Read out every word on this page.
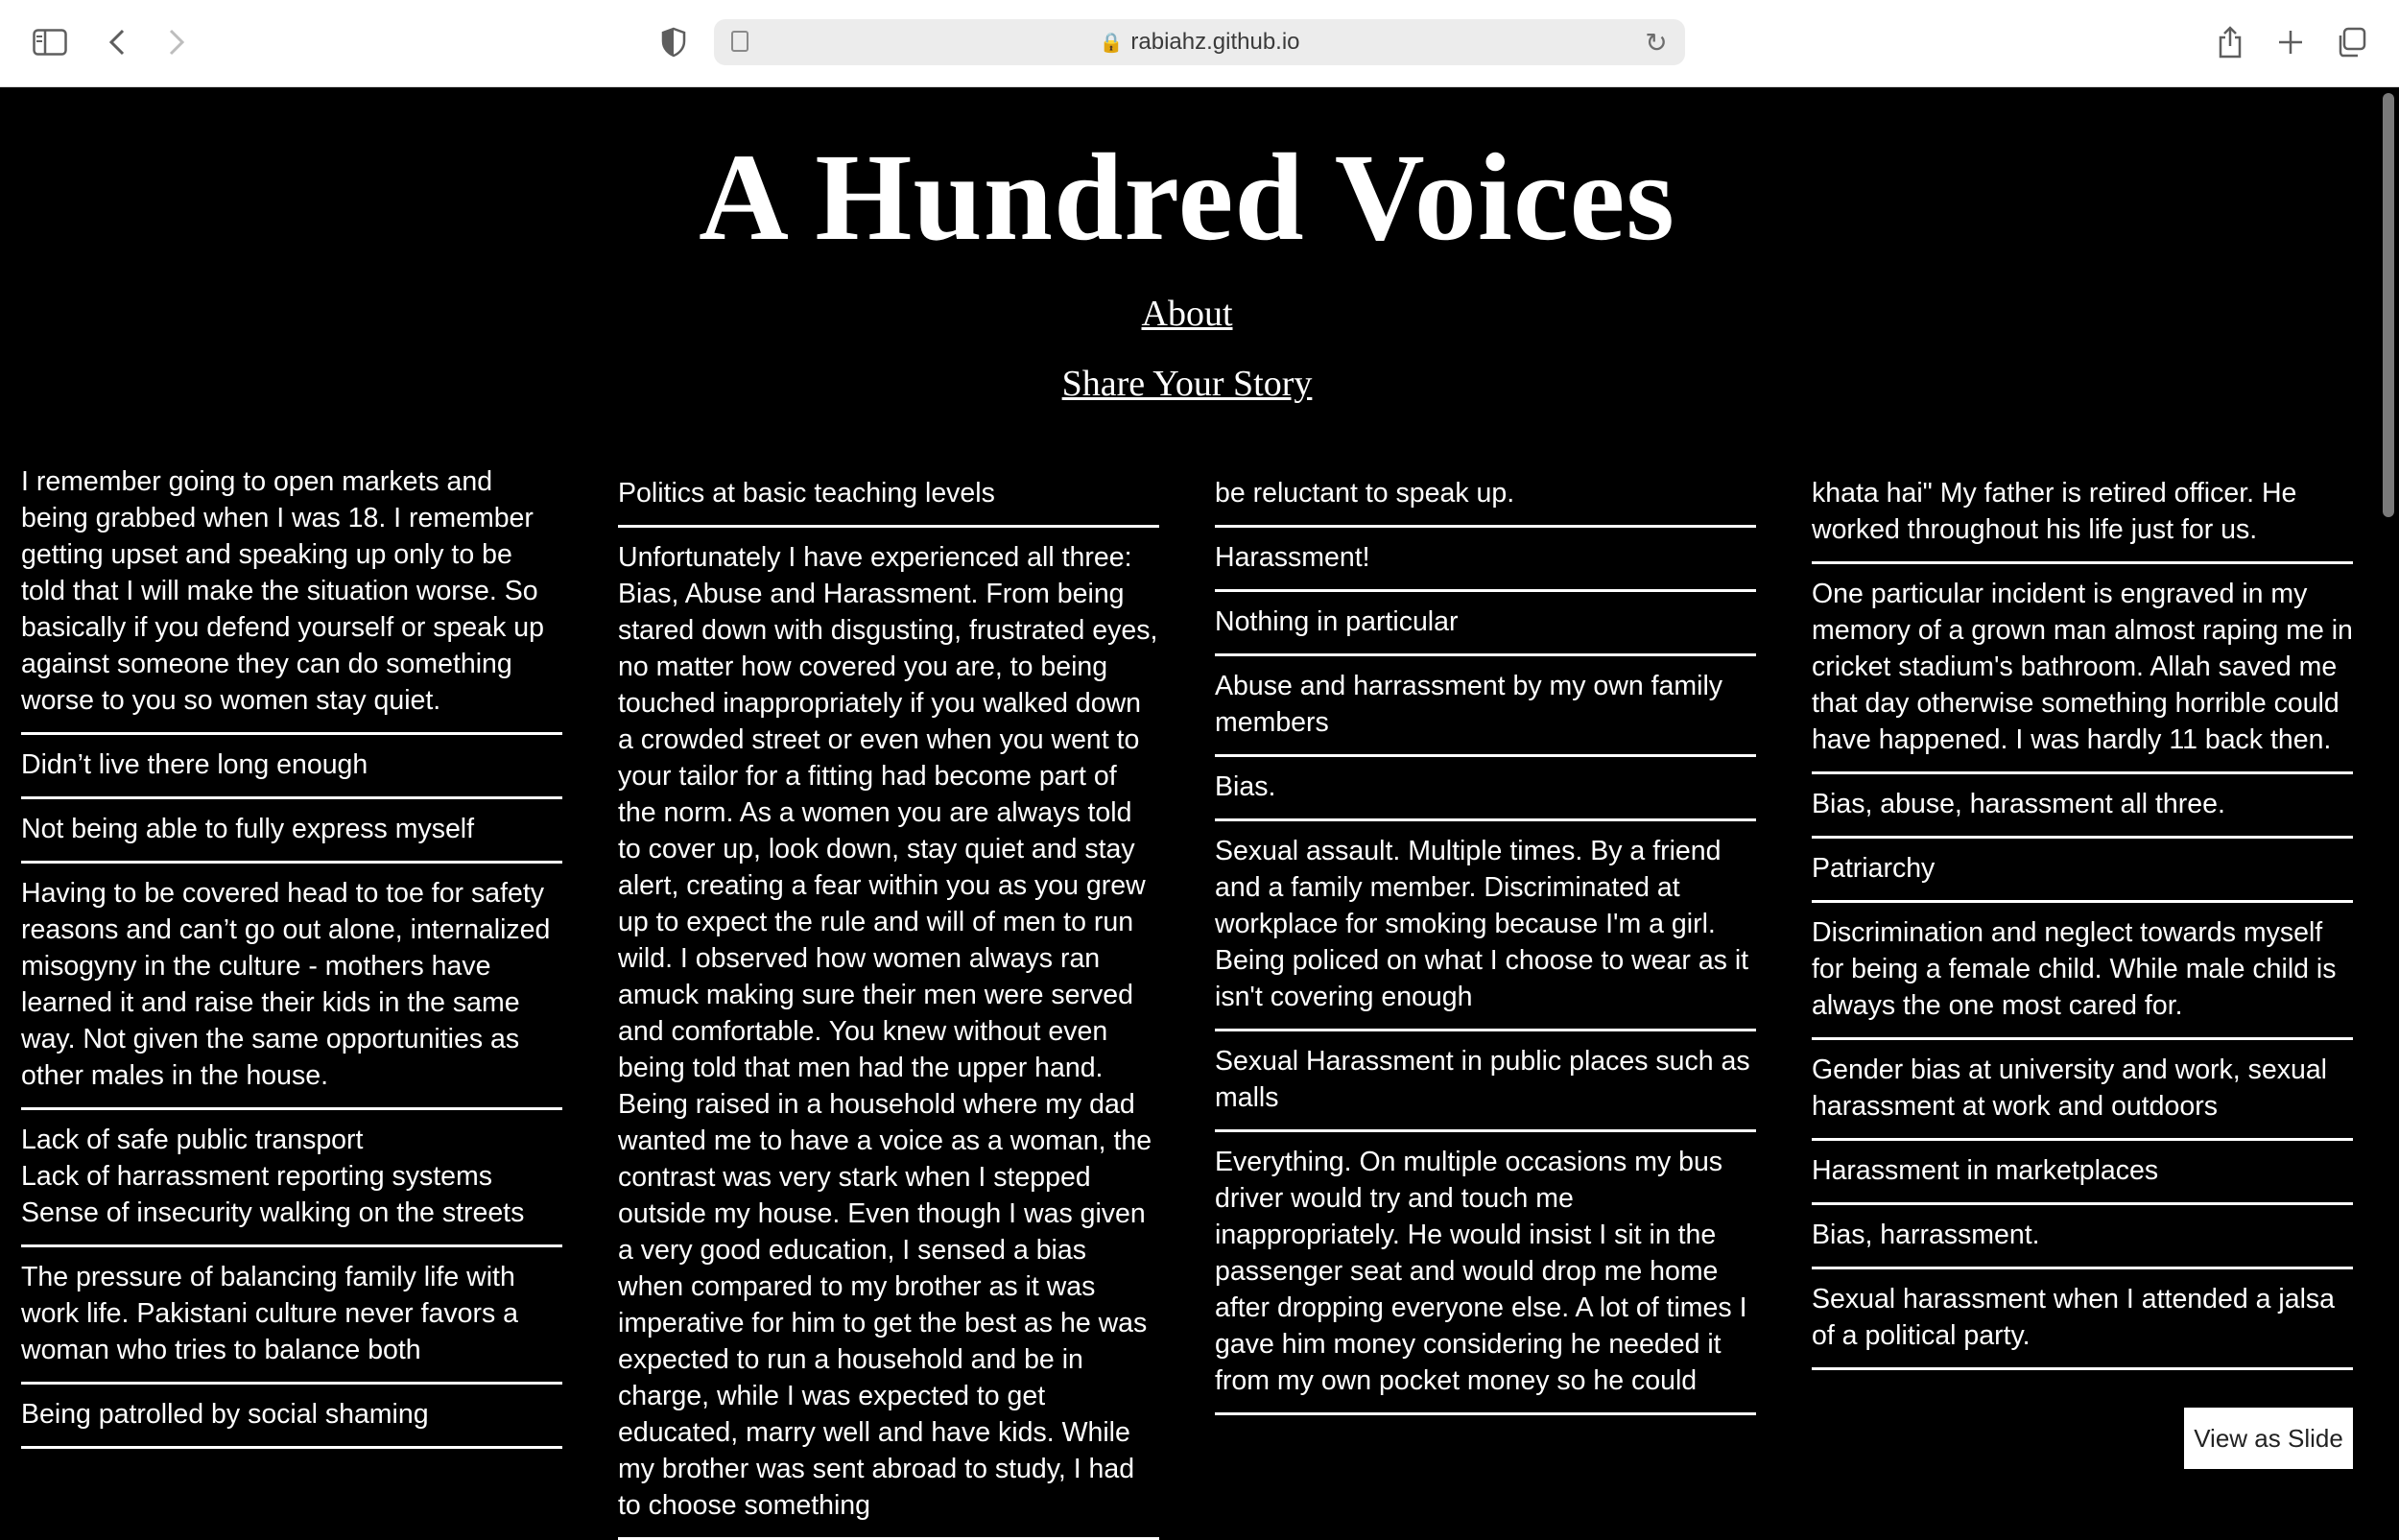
🔒 rabiahz.github.io	↻
A Hundred Voices
About
Share Your Story
I remember going to open markets and being grabbed when I was 18. I remember getting upset and speaking up only to be told that I will make the situation worse. So basically if you defend yourself or speak up against someone they can do something worse to you so women stay quiet.
Didn’t live there long enough
Not being able to fully express myself
Having to be covered head to toe for safety reasons and can’t go out alone, internalized misogyny in the culture - mothers have learned it and raise their kids in the same way. Not given the same opportunities as other males in the house.
Lack of safe public transport
Lack of harrassment reporting systems
Sense of insecurity walking on the streets
The pressure of balancing family life with work life. Pakistani culture never favors a woman who tries to balance both
Being patrolled by social shaming
Politics at basic teaching levels
Unfortunately I have experienced all three: Bias, Abuse and Harassment. From being stared down with disgusting, frustrated eyes, no matter how covered you are, to being touched inappropriately if you walked down a crowded street or even when you went to your tailor for a fitting had become part of the norm. As a women you are always told to cover up, look down, stay quiet and stay alert, creating a fear within you as you grew up to expect the rule and will of men to run wild. I observed how women always ran amuck making sure their men were served and comfortable. You knew without even being told that men had the upper hand. Being raised in a household where my dad wanted me to have a voice as a woman, the contrast was very stark when I stepped outside my house. Even though I was given a very good education, I sensed a bias when compared to my brother as it was imperative for him to get the best as he was expected to run a household and be in charge, while I was expected to get educated, marry well and have kids. While my brother was sent abroad to study, I had to choose something
be reluctant to speak up.
Harassment!
Nothing in particular
Abuse and harrassment by my own family members
Bias.
Sexual assault. Multiple times. By a friend and a family member. Discriminated at workplace for smoking because I'm a girl. Being policed on what I choose to wear as it isn't covering enough
Sexual Harassment in public places such as malls
Everything. On multiple occasions my bus driver would try and touch me inappropriately. He would insist I sit in the passenger seat and would drop me home after dropping everyone else. A lot of times I gave him money considering he needed it from my own pocket money so he could
khata hai" My father is retired officer. He worked throughout his life just for us.
One particular incident is engraved in my memory of a grown man almost raping me in cricket stadium's bathroom. Allah saved me that day otherwise something horrible could have happened. I was hardly 11 back then.
Bias, abuse, harassment all three.
Patriarchy
Discrimination and neglect towards myself for being a female child. While male child is always the one most cared for.
Gender bias at university and work, sexual harassment at work and outdoors
Harassment in marketplaces
Bias, harrassment.
Sexual harassment when I attended a jalsa of a political party.
View as Slide
